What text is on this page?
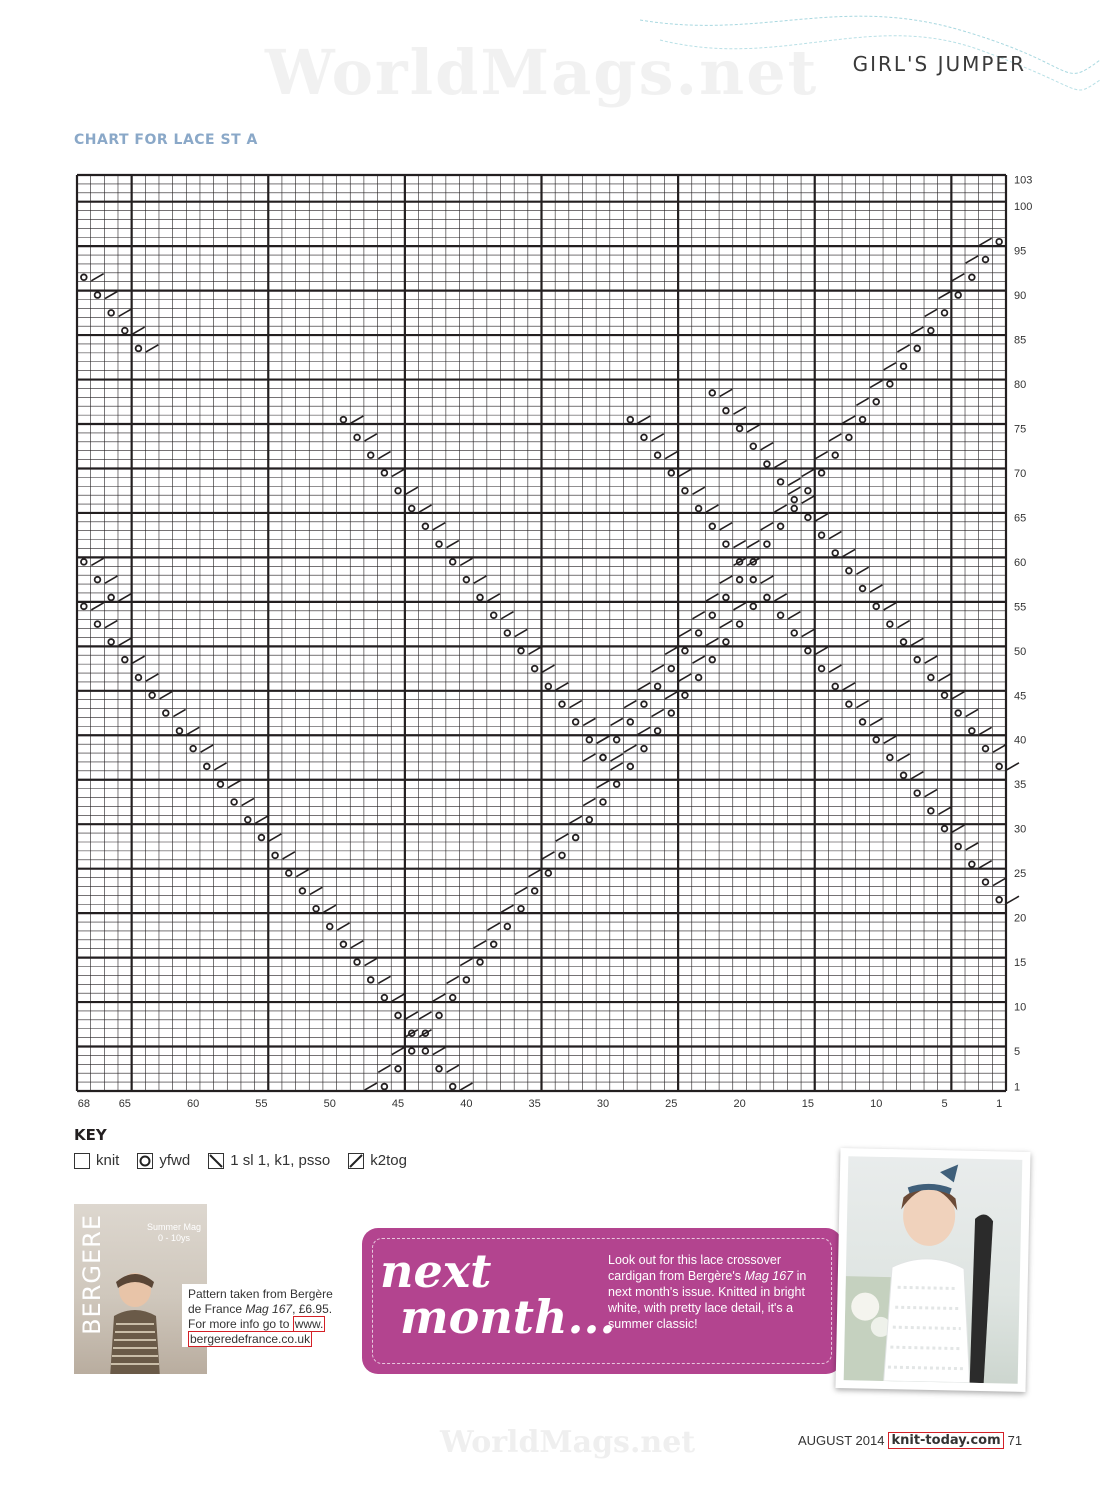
WorldMags.net GIRL'S JUMPER
CHART FOR LACE ST A
68	65	60	55	50	45	40	35	30	25	20	15	10	5	1
1
5
10
15
20
25
30
35
40
45
50
55
60
65
70
75
80
85
90
95
100
103
KEY
knit	yfwd	1 sl 1, k1, psso	k2tog
BERGERE	Summer Mag
0 - 10ys
Pattern taken from Bergère
de France Mag 167, £6.95.
For more info go to www.
bergeredefrance.co.uk
next
month...
Look out for this lace crossover cardigan from Bergère's Mag 167 in next month's issue. Knitted in bright white, with pretty lace detail, it's a summer classic!
WorldMags.net	AUGUST 2014 knit-today.com 71
